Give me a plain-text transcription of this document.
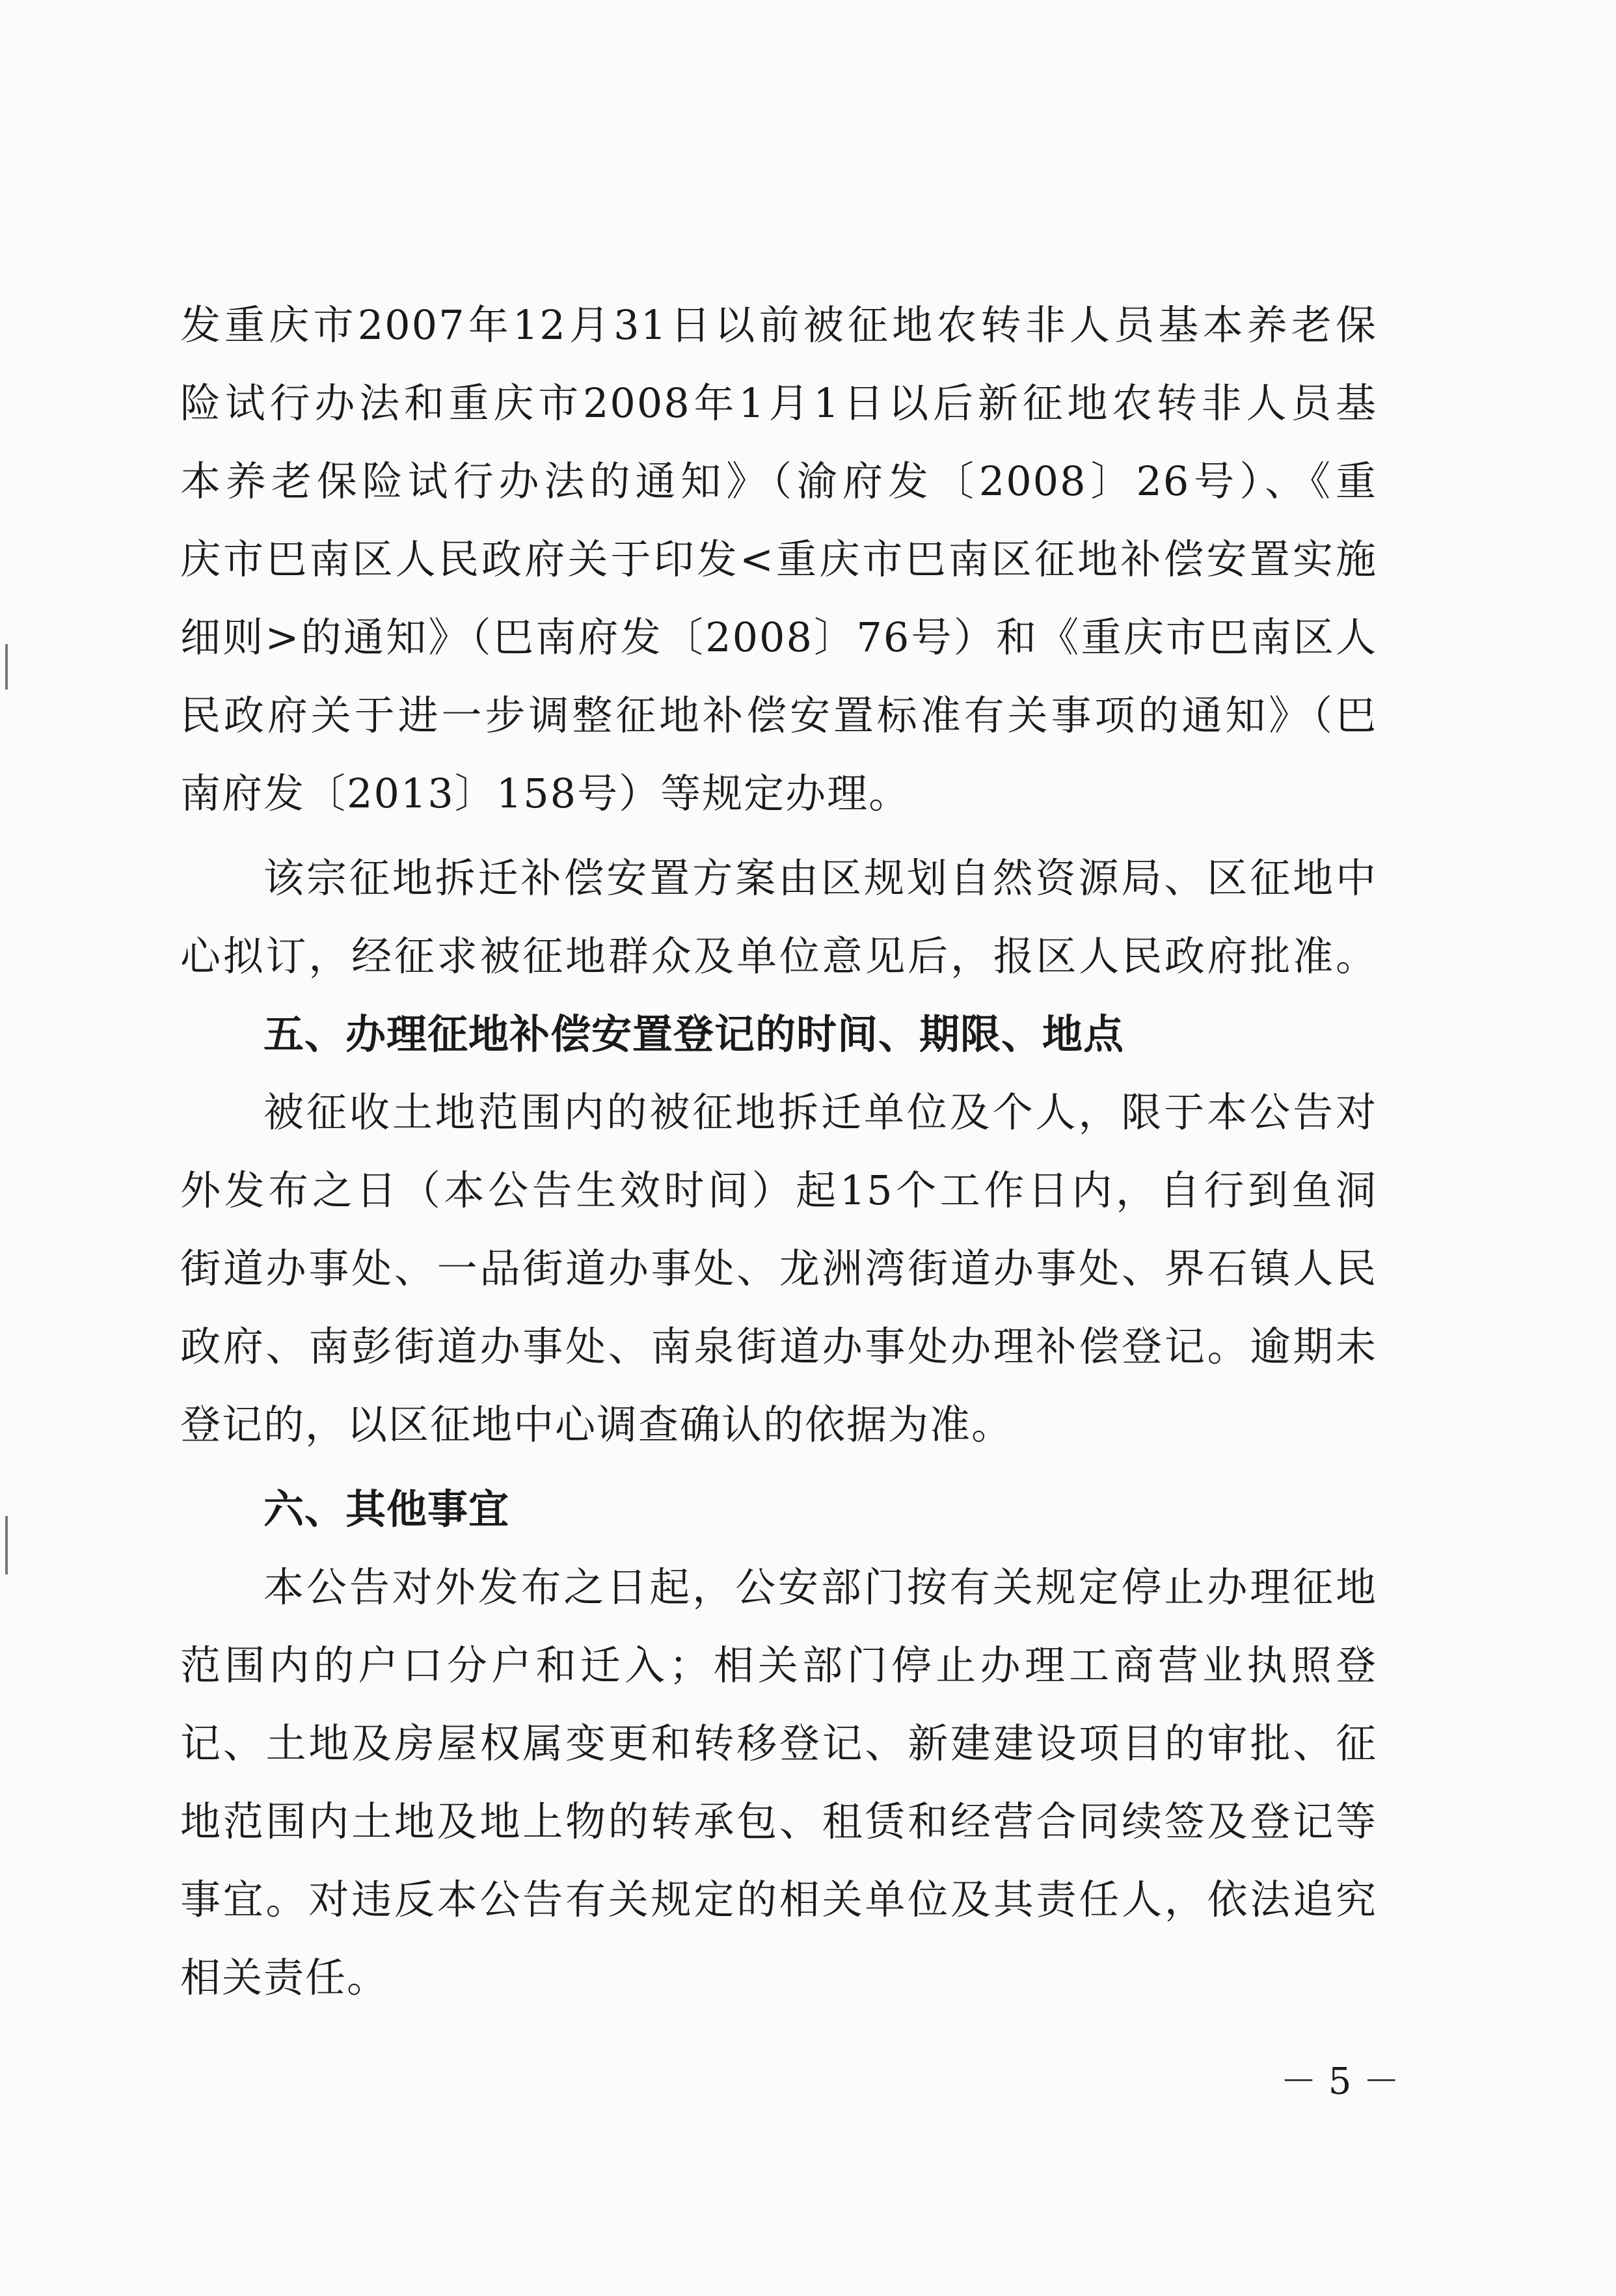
发重庆市2007年12月31日以前被征地农转非人员基本养老保
险试行办法和重庆市2008年1月1日以后新征地农转非人员基
本养老保险试行办法的通知》（渝府发〔2008〕26号）、《重
庆市巴南区人民政府关于印发<重庆市巴南区征地补偿安置实施
细则>的通知》（巴南府发〔2008〕76号）和《重庆市巴南区人
民政府关于进一步调整征地补偿安置标准有关事项的通知》（巴
南府发〔2013〕158号）等规定办理。
该宗征地拆迁补偿安置方案由区规划自然资源局、区征地中
心拟订，经征求被征地群众及单位意见后，报区人民政府批准。
五、办理征地补偿安置登记的时间、期限、地点
被征收土地范围内的被征地拆迁单位及个人，限于本公告对
外发布之日（本公告生效时间）起15个工作日内，自行到鱼洞
街道办事处、一品街道办事处、龙洲湾街道办事处、界石镇人民
政府、南彭街道办事处、南泉街道办事处办理补偿登记。逾期未
登记的，以区征地中心调查确认的依据为准。
六、其他事宜
本公告对外发布之日起，公安部门按有关规定停止办理征地
范围内的户口分户和迁入；相关部门停止办理工商营业执照登
记、土地及房屋权属变更和转移登记、新建建设项目的审批、征
地范围内土地及地上物的转承包、租赁和经营合同续签及登记等
事宜。对违反本公告有关规定的相关单位及其责任人，依法追究
相关责任。
－ 5 －
